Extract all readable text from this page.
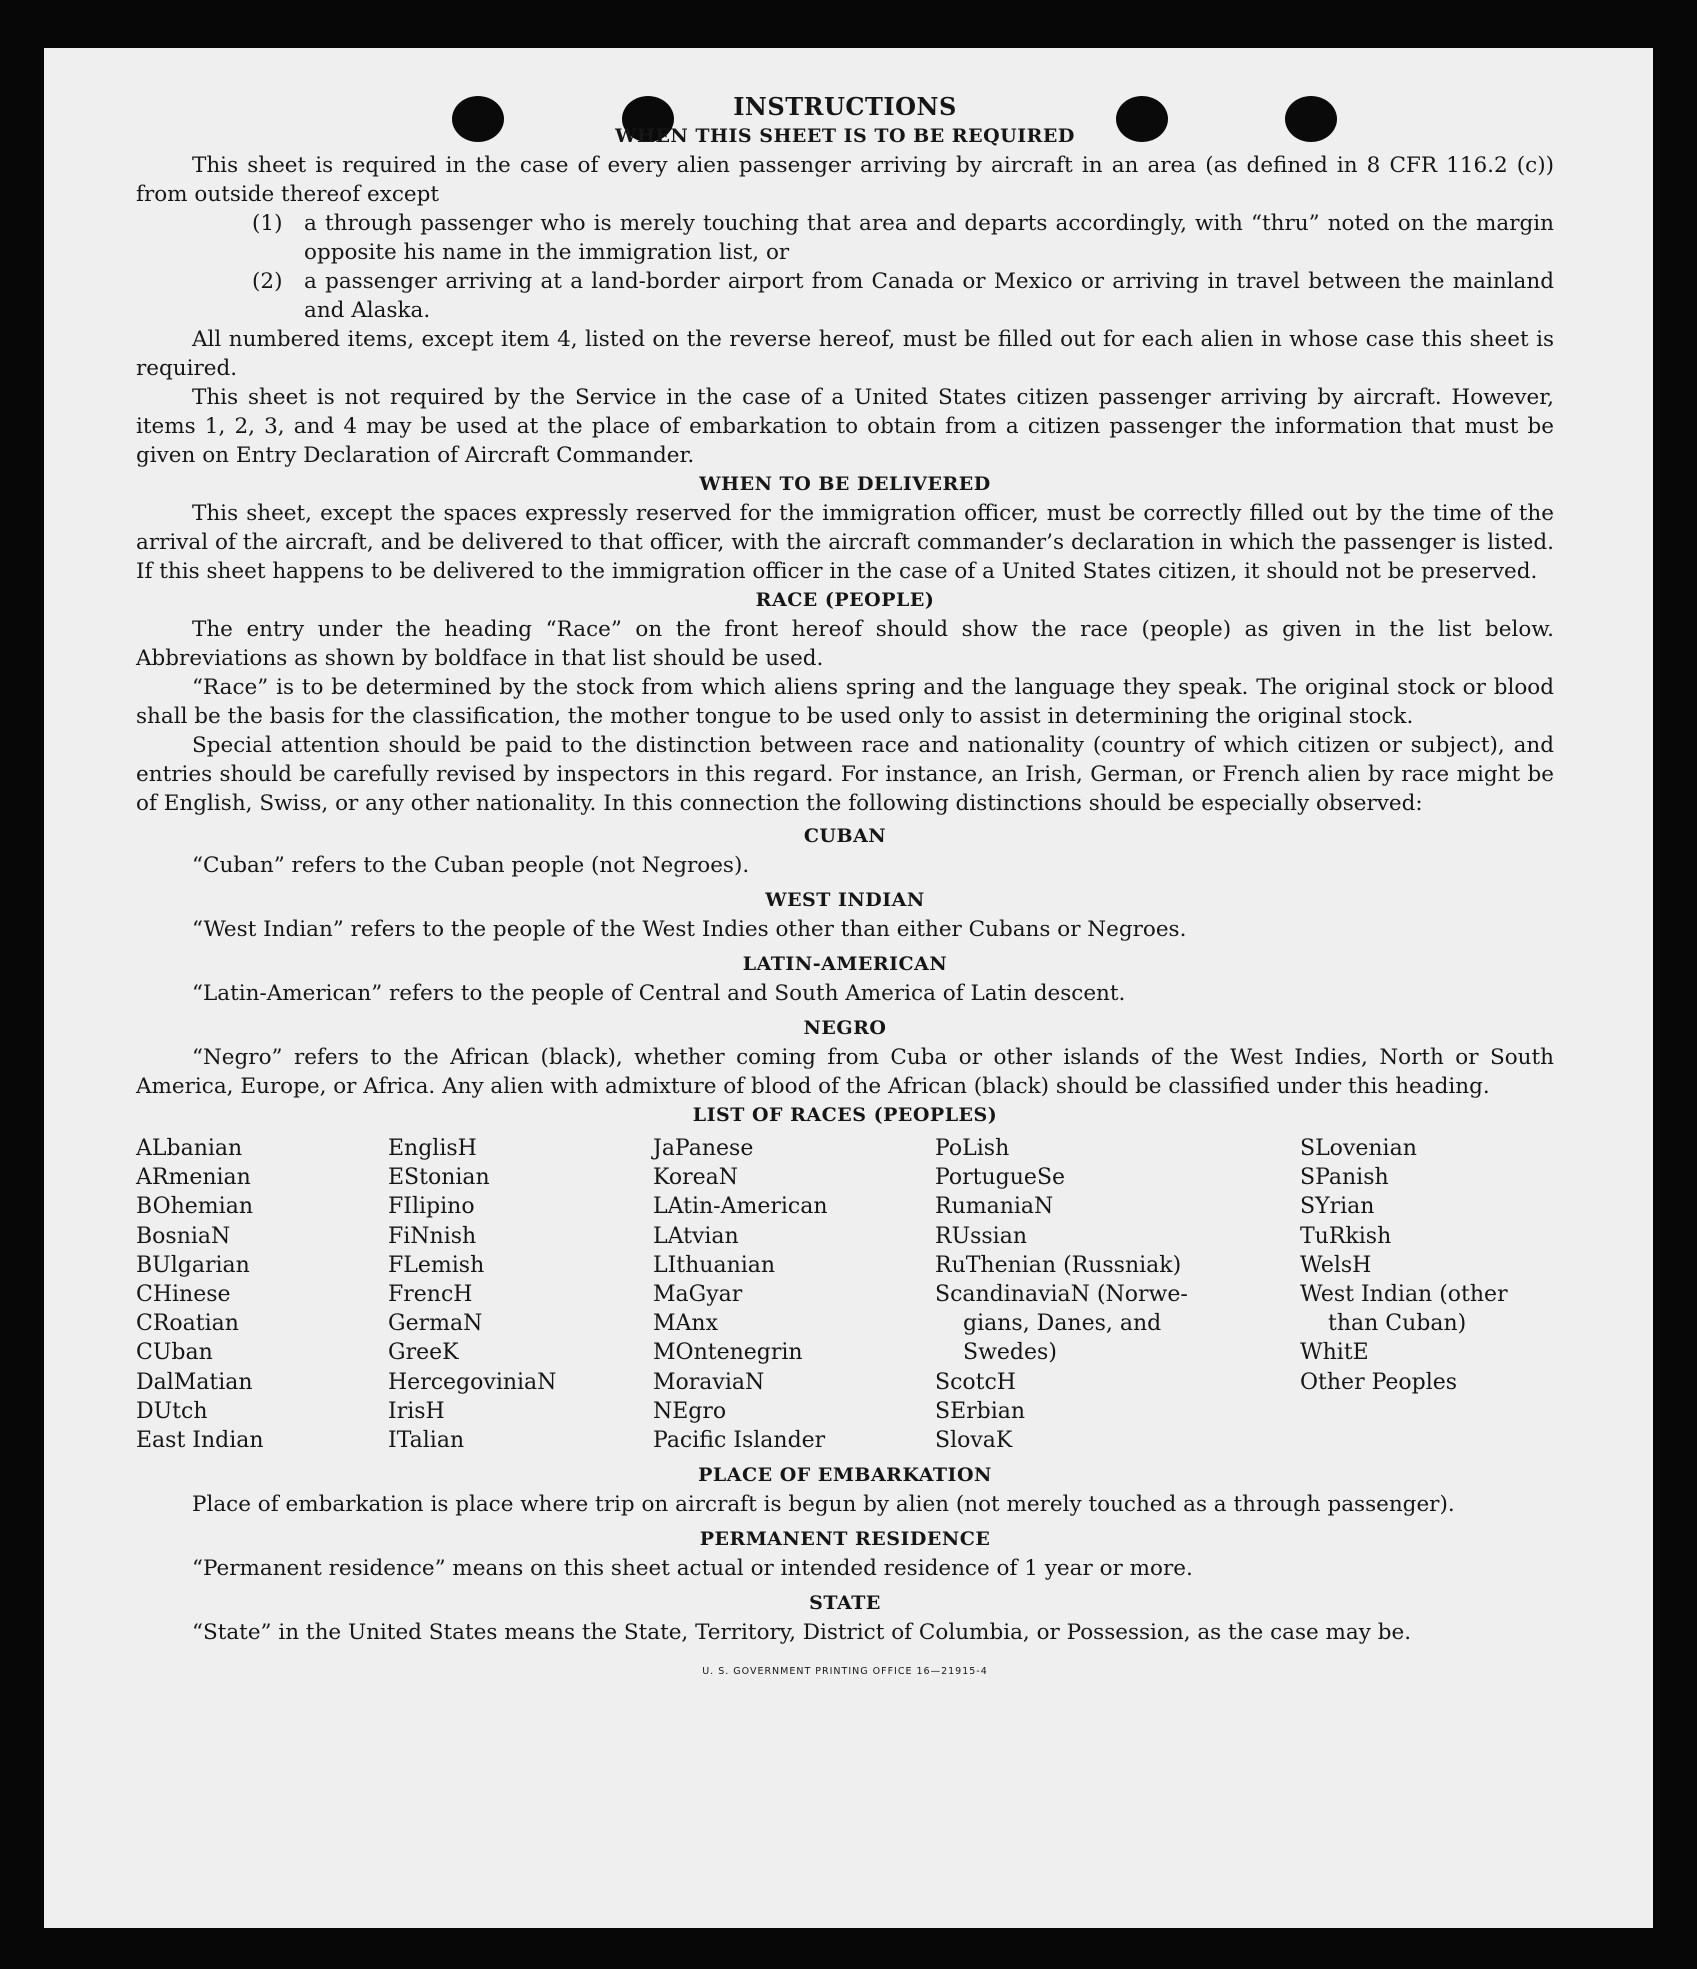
INSTRUCTIONS
WHEN THIS SHEET IS TO BE REQUIRED
This sheet is required in the case of every alien passenger arriving by aircraft in an area (as defined in 8 CFR 116.2 (c)) from outside thereof except
(1) a through passenger who is merely touching that area and departs accordingly, with “thru” noted on the margin opposite his name in the immigration list, or
(2) a passenger arriving at a land-border airport from Canada or Mexico or arriving in travel between the mainland and Alaska.
All numbered items, except item 4, listed on the reverse hereof, must be filled out for each alien in whose case this sheet is required.
This sheet is not required by the Service in the case of a United States citizen passenger arriving by aircraft. However, items 1, 2, 3, and 4 may be used at the place of embarkation to obtain from a citizen passenger the information that must be given on Entry Declaration of Aircraft Commander.
WHEN TO BE DELIVERED
This sheet, except the spaces expressly reserved for the immigration officer, must be correctly filled out by the time of the arrival of the aircraft, and be delivered to that officer, with the aircraft commander’s declaration in which the passenger is listed. If this sheet happens to be delivered to the immigration officer in the case of a United States citizen, it should not be preserved.
RACE (PEOPLE)
The entry under the heading “Race” on the front hereof should show the race (people) as given in the list below. Abbreviations as shown by boldface in that list should be used.
“Race” is to be determined by the stock from which aliens spring and the language they speak. The original stock or blood shall be the basis for the classification, the mother tongue to be used only to assist in determining the original stock.
Special attention should be paid to the distinction between race and nationality (country of which citizen or subject), and entries should be carefully revised by inspectors in this regard. For instance, an Irish, German, or French alien by race might be of English, Swiss, or any other nationality. In this connection the following distinctions should be especially observed:
CUBAN
“Cuban” refers to the Cuban people (not Negroes).
WEST INDIAN
“West Indian” refers to the people of the West Indies other than either Cubans or Negroes.
LATIN-AMERICAN
“Latin-American” refers to the people of Central and South America of Latin descent.
NEGRO
“Negro” refers to the African (black), whether coming from Cuba or other islands of the West Indies, North or South America, Europe, or Africa. Any alien with admixture of blood of the African (black) should be classified under this heading.
LIST OF RACES (PEOPLES)
ALbanian
ARmenian
BOhemian
BosniaN
BUlgarian
CHinese
CRoatian
CUban
DalMatian
DUtch
East Indian
EnglisH
EStonian
FIlipino
FiNnish
FLemish
FrencH
GermaN
GreeK
HercegoviniaN
IrisH
ITalian
JaPanese
KoreaN
LAtin-American
LAtvian
LIthuanian
MaGyar
MAnx
MOntenegrin
MoraviaN
NEgro
Pacific Islander
PoLish
PortugueSe
RumaniaN
RUssian
RuThenian (Russniak)
ScandinaviaN (Norwe-
gians, Danes, and
Swedes)
ScotcH
SErbian
SlovaK
SLovenian
SPanish
SYrian
TuRkish
WelsH
West Indian (other
than Cuban)
WhitE
Other Peoples
PLACE OF EMBARKATION
Place of embarkation is place where trip on aircraft is begun by alien (not merely touched as a through passenger).
PERMANENT RESIDENCE
“Permanent residence” means on this sheet actual or intended residence of 1 year or more.
STATE
“State” in the United States means the State, Territory, District of Columbia, or Possession, as the case may be.
U. S. GOVERNMENT PRINTING OFFICE 16—21915-4
